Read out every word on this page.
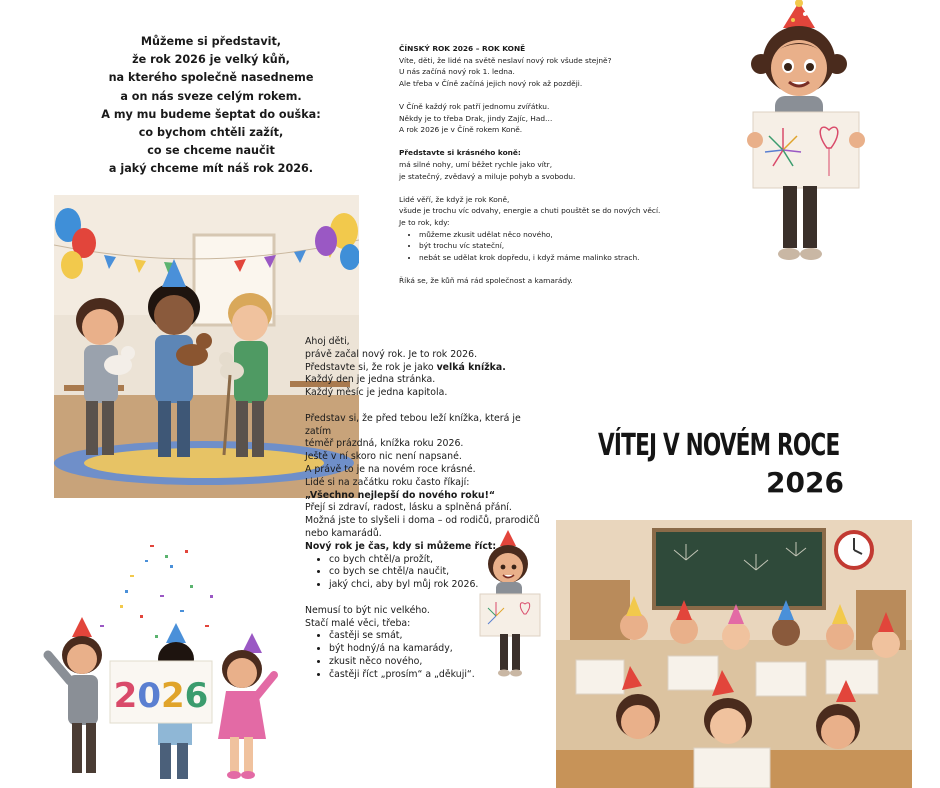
Můžeme si představit,
že rok 2026 je velký kůň,
na kterého společně nasedneme
a on nás sveze celým rokem.
A my mu budeme šeptat do ouška:
co bychom chtěli zažít,
co se chceme naučit
a jaký chceme mít náš rok 2026.

ČÍNSKÝ ROK 2026 – ROK KONĚ

Víte, děti, že lidé na světě neslaví nový rok všude stejně?

U nás začíná nový rok 1. ledna.

Ale třeba v Číně začíná jejich nový rok až později.

V Číně každý rok patří jednomu zvířátku.

Někdy je to třeba Drak, jindy Zajíc, Had…

A rok 2026 je v Číně rokem Koně.

Představte si krásného koně:

má silné nohy, umí běžet rychle jako vítr,

je statečný, zvědavý a miluje pohyb a svobodu.

Lidé věří, že když je rok Koně,

všude je trochu víc odvahy, energie a chuti pouštět se do nových věcí.

Je to rok, kdy:

• můžeme zkusit udělat něco nového,
• být trochu víc stateční,
• nebát se udělat krok dopředu, i když máme malinko strach.

Říká se, že kůň má rád společnost a kamarády.

Ahoj děti,

právě začal nový rok. Je to rok 2026.

Představte si, že rok je jako velká knížka.

Každý den je jedna stránka.

Každý měsíc je jedna kapitola.

Představ si, že před tebou leží knížka, která je zatím

téměř prázdná, knížka roku 2026.

Ještě v ní skoro nic není napsané.

A právě to je na novém roce krásné.

Lidé si na začátku roku často říkají:

„Všechno nejlepší do nového roku!“

Přejí si zdraví, radost, lásku a splněná přání.

Možná jste to slyšeli i doma – od rodičů, prarodičů

nebo kamarádů.

Nový rok je čas, kdy si můžeme říct:

• co bych chtěl/a prožít,
• co bych se chtěl/a naučit,
• jaký chci, aby byl můj rok 2026.

Nemusí to být nic velkého.

Stačí malé věci, třeba:

• častěji se smát,
• být hodný/á na kamarády,
• zkusit něco nového,
• častěji říct „prosím“ a „děkuji“.
VÍTEJ V NOVÉM ROCE
2026
2026
